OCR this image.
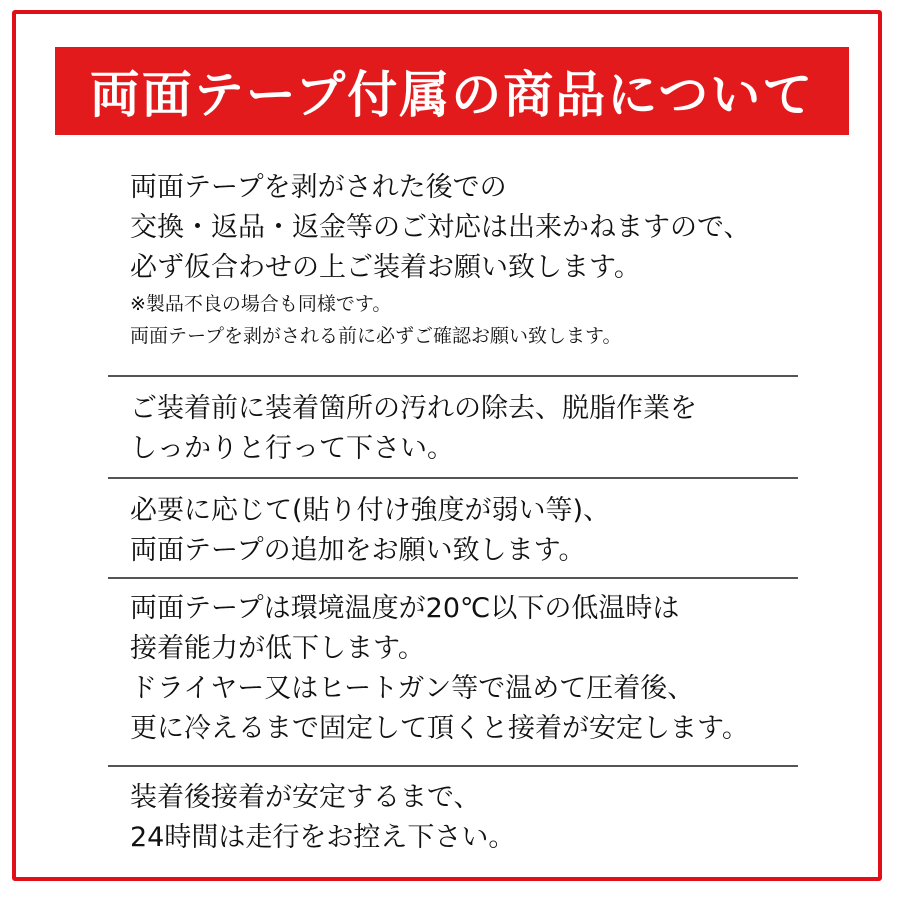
両面テープ付属の商品について
両面テープを剥がされた後での
交換・返品・返金等のご対応は出来かねますので、
必ず仮合わせの上ご装着お願い致します。
※製品不良の場合も同様です。
両面テープを剥がされる前に必ずご確認お願い致します。
ご装着前に装着箇所の汚れの除去、脱脂作業を
しっかりと行って下さい。
必要に応じて(貼り付け強度が弱い等)、
両面テープの追加をお願い致します。
両面テープは環境温度が20℃以下の低温時は
接着能力が低下します。
ドライヤー又はヒートガン等で温めて圧着後、
更に冷えるまで固定して頂くと接着が安定します。
装着後接着が安定するまで、
24時間は走行をお控え下さい。
